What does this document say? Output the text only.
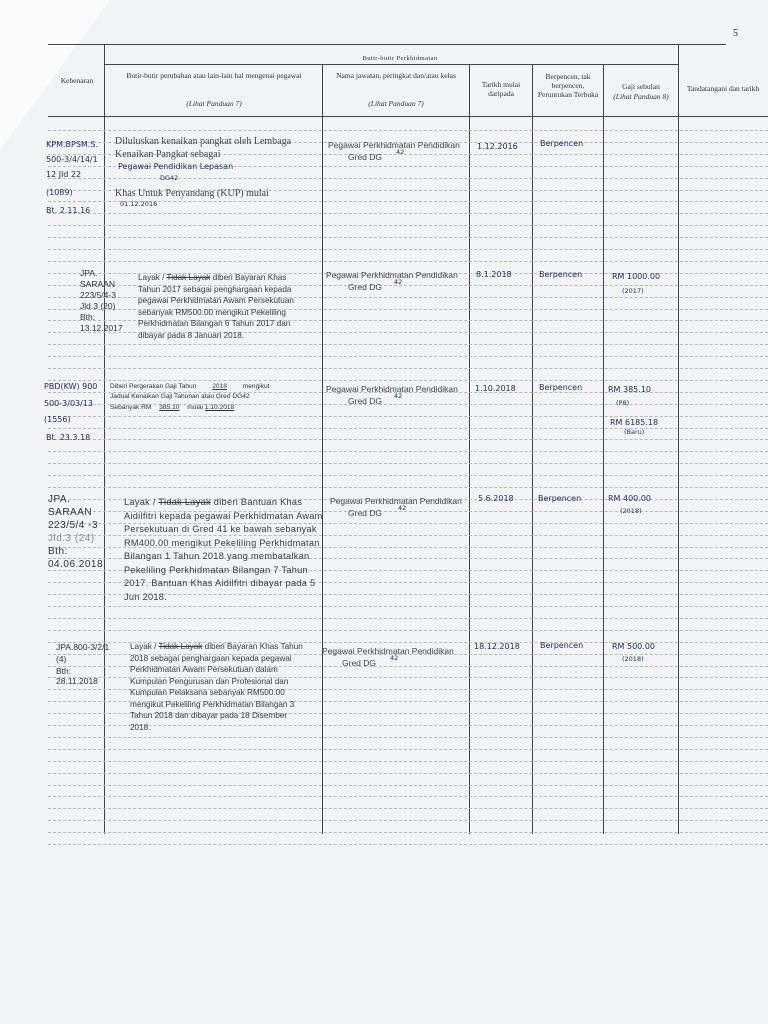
5
Butir-butir Perkhidmatan
Kebenaran
Butir-butir perubahan atau lain-lain hal mengenai pegawai
(Lihat Panduan 7)
Nama jawatan, peringkat dan/atau kelas
(Lihat Panduan 7)
Tarikh mulai daripada
Berpencen, tak berpencen, Peruntukan Terbuka
Gaji sebulan
(Lihat Panduan 8)
Tandatangani dan tarikh
KPM.BPSM.S.
500-3/4/14/1
12 Jld 22
(1089)
Bt. 2.11.16
Diluluskan kenaikan pangkat oleh Lembaga Kenaikan Pangkat sebagai
Pegawai Pendidikan Lepasan
DG42
Khas Untuk Penyandang (KUP) mulai
01.12.2016
Pegawai Perkhidmatan Pendidikan
Gred DG 42
1.12.2016	Berpencen
JPA.
SARAAN
223/5/4-3
Jld.3 (20)
Bth:
13.12.2017
Layak / Tidak Layak diberi Bayaran Khas Tahun 2017 sebagai penghargaan kepada pegawai Perkhidmatan Awam Persekutuan sebanyak RM500.00 mengikut Pekeliling Perkhidmatan Bilangan 6 Tahun 2017 dan dibayar pada 8 Januari 2018.
Pegawai Perkhidmatan Pendidikan
Gred DG 42
8.1.2018	Berpencen	RM 1000.00
(2017)
PBD(KW) 900
500-3/03/13
(1556)
Bt. 23.3.18
Diberi Pergerakan Gaji Tahun 2018 mengikut
Jadual Kenaikan Gaji Tahunan atau Gred DG42
Sebanyak RM 385.10 mulai 1.10.2018
Pegawai Perkhidmatan Pendidikan
Gred DG 42
1.10.2018	Berpencen	RM 385.10
(P8)
RM 6185.18
(Baru)
JPA.
SARAAN
223/5/4 -3
Jld.3 (24)
Bth:
04.06.2018
Layak / Tidak Layak diberi Bantuan Khas Aidilfitri kepada pegawai Perkhidmatan Awam Persekutuan di Gred 41 ke bawah sebanyak RM400.00 mengikut Pekeliling Perkhidmatan Bilangan 1 Tahun 2018 yang membatalkan Pekeliling Perkhidmatan Bilangan 7 Tahun 2017. Bantuan Khas Aidilfitri dibayar pada 5 Jun 2018.
Pegawai Perkhidmatan Pendidikan
Gred DG 42
5.6.2018	Berpencen	RM 400.00
(2018)
JPA.800-3/2/1
(4)
Bth:
28.11.2018
Layak / Tidak Layak diberi Bayaran Khas Tahun 2018 sebagai penghargaan kepada pegawai Perkhidmatan Awam Persekutuan dalam Kumpulan Pengurusan dan Profesional dan Kumpulan Pelaksana sebanyak RM500.00 mengikut Pekeliling Perkhidmatan Bilangan 3 Tahun 2018 dan dibayar pada 18 Disember 2018.
Pegawai Perkhidmatan Pendidikan
Gred DG 42
18.12.2018	Berpencen	RM 500.00
(2018)
